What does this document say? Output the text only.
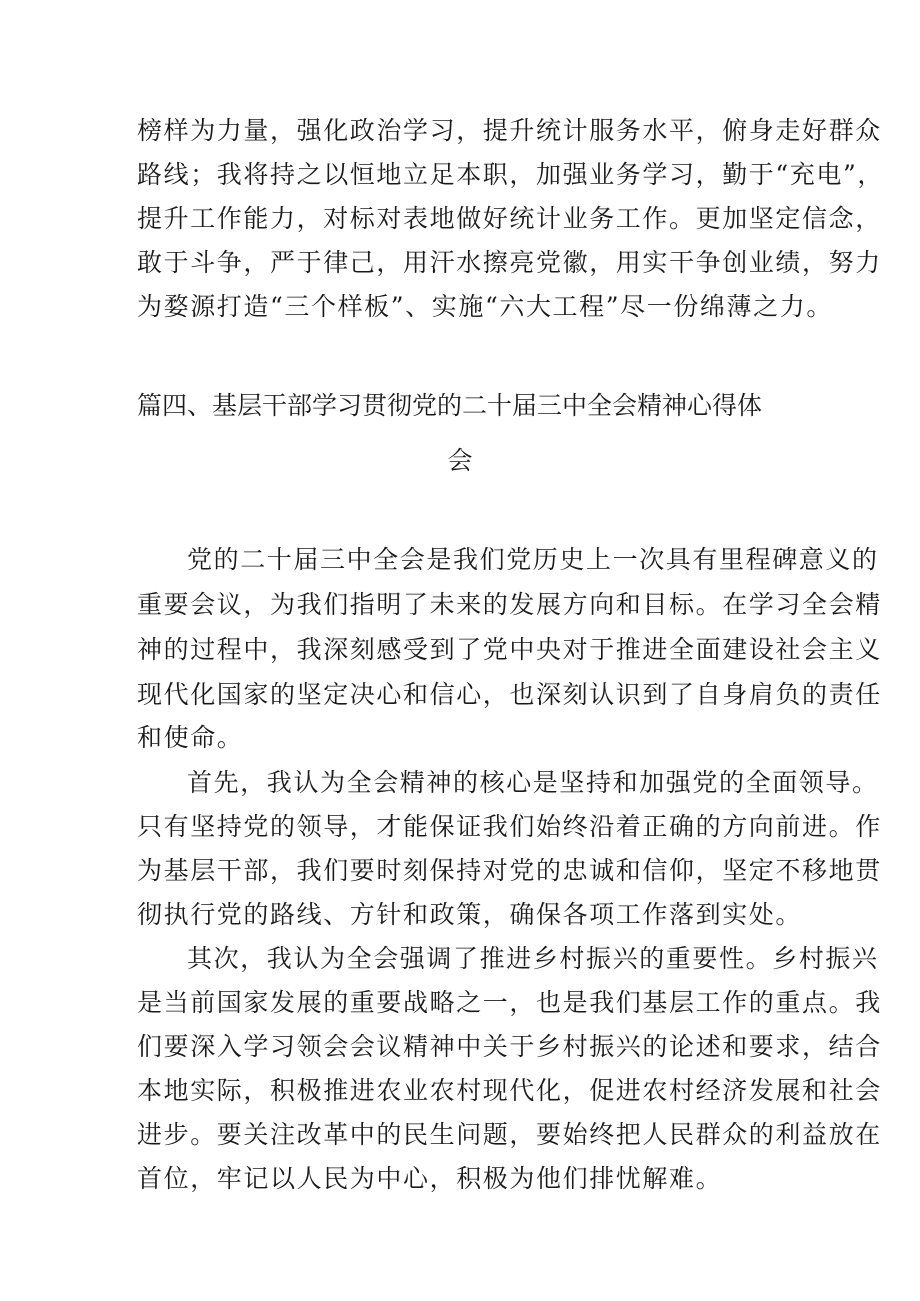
榜样为力量，强化政治学习，提升统计服务水平，俯身走好群众
路线；我将持之以恒地立足本职，加强业务学习，勤于“充电”，
提升工作能力，对标对表地做好统计业务工作。更加坚定信念，
敢于斗争，严于律己，用汗水擦亮党徽，用实干争创业绩，努力
为婺源打造“三个样板”、实施“六大工程”尽一份绵薄之力。
篇四、基层干部学习贯彻党的二十届三中全会精神心得体
会
党的二十届三中全会是我们党历史上一次具有里程碑意义的
重要会议，为我们指明了未来的发展方向和目标。在学习全会精
神的过程中，我深刻感受到了党中央对于推进全面建设社会主义
现代化国家的坚定决心和信心，也深刻认识到了自身肩负的责任
和使命。
首先，我认为全会精神的核心是坚持和加强党的全面领导。
只有坚持党的领导，才能保证我们始终沿着正确的方向前进。作
为基层干部，我们要时刻保持对党的忠诚和信仰，坚定不移地贯
彻执行党的路线、方针和政策，确保各项工作落到实处。
其次，我认为全会强调了推进乡村振兴的重要性。乡村振兴
是当前国家发展的重要战略之一，也是我们基层工作的重点。我
们要深入学习领会会议精神中关于乡村振兴的论述和要求，结合
本地实际，积极推进农业农村现代化，促进农村经济发展和社会
进步。要关注改革中的民生问题，要始终把人民群众的利益放在
首位，牢记以人民为中心，积极为他们排忧解难。
